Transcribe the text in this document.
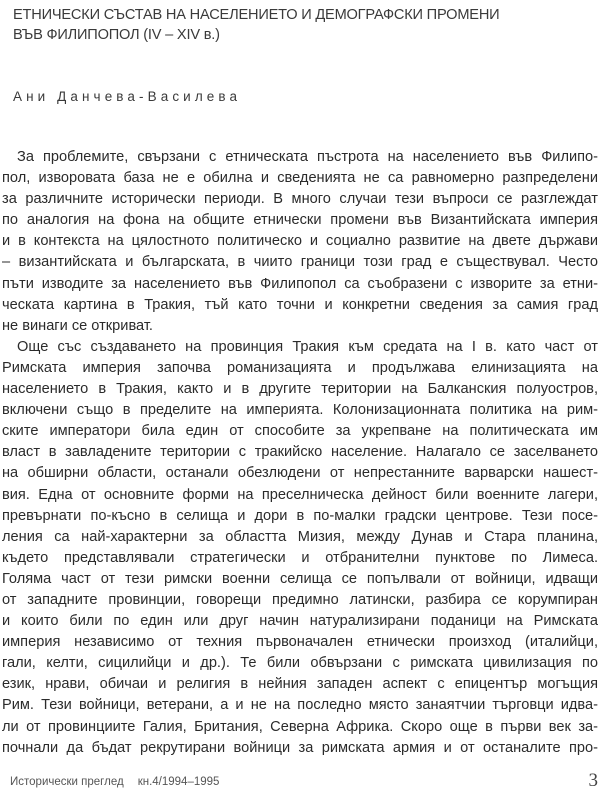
ЕТНИЧЕСКИ СЪСТАВ НА НАСЕЛЕНИЕТО И ДЕМОГРАФСКИ ПРОМЕНИ
ВЪВ ФИЛИПОПОЛ (IV – XIV в.)
Ани Данчева-Василева
За проблемите, свързани с етническата пъстрота на населението във Филипо-
пол, изворовата база не е обилна и сведенията не са равномерно разпределени
за различните исторически периоди. В много случаи тези въпроси се разглеждат
по аналогия на фона на общите етнически промени във Византийската империя
и в контекста на цялостното политическо и социално развитие на двете държави
– византийската и българската, в чиито граници този град е съществувал. Често
пъти изводите за населението във Филипопол са съобразени с изворите за етни-
ческата картина в Тракия, тъй като точни и конкретни сведения за самия град
не винаги се откриват.
Още със създаването на провинция Тракия към средата на I в. като част от
Римската империя започва романизацията и продължава елинизацията на
населението в Тракия, както и в другите територии на Балканския полуостров,
включени също в пределите на империята. Колонизационната политика на рим-
ските императори била един от способите за укрепване на политическата им
власт в завладените територии с тракийско население. Налагало се заселването
на обширни области, останали обезлюдени от непрестанните варварски нашест-
вия. Една от основните форми на преселническа дейност били военните лагери,
превърнати по-късно в селища и дори в по-малки градски центрове. Тези посе-
ления са най-характерни за областта Мизия, между Дунав и Стара планина,
където представлявали стратегически и отбранителни пунктове по Лимеса.
Голяма част от тези римски военни селища се попълвали от войници, идващи
от западните провинции, говорещи предимно латински, разбира се корумпиран
и които били по един или друг начин натурализирани поданици на Римската
империя независимо от техния първоначален етнически произход (италийци,
гали, келти, сицилийци и др.). Те били обвързани с римската цивилизация по
език, нрави, обичаи и религия в нейния западен аспект с епицентър могъщия
Рим. Тези войници, ветерани, а и не на последно място занаятчии търговци идва-
ли от провинциите Галия, Британия, Северна Африка. Скоро още в първи век за-
почнали да бъдат рекрутирани войници за римската армия и от останалите про-
Исторически преглед кн.4/1994–1995	3
